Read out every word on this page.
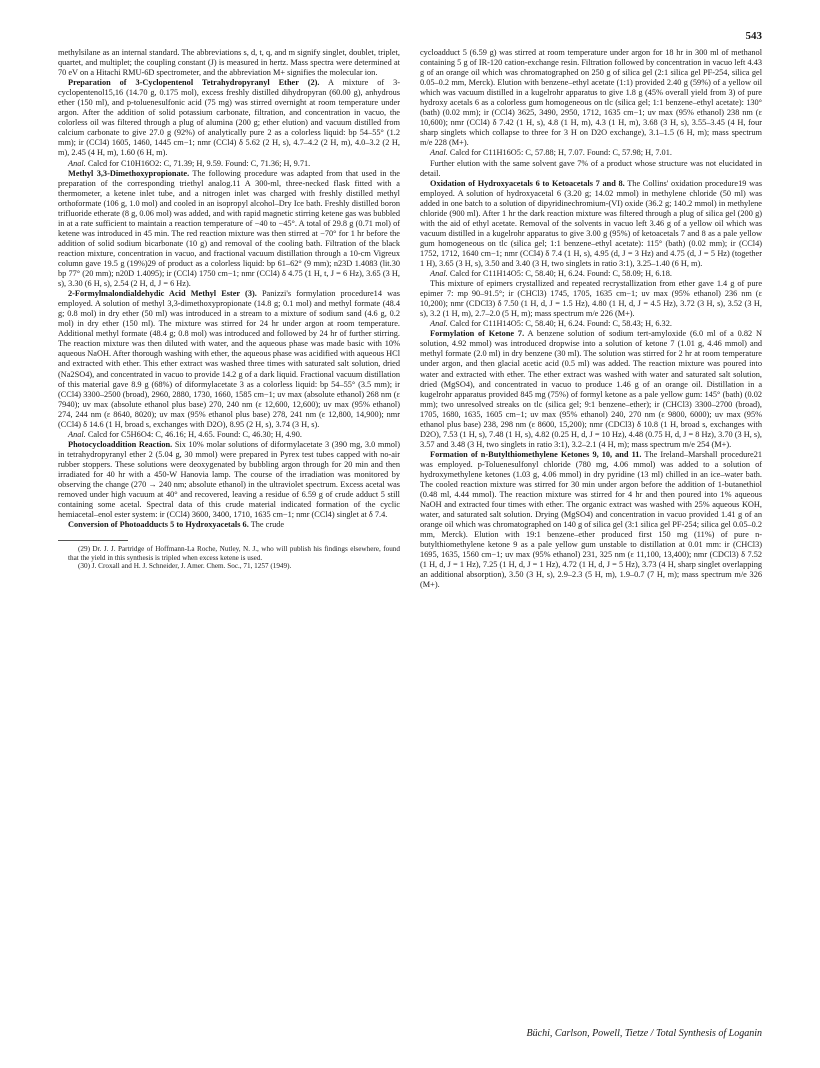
543

methylsilane as an internal standard. The abbreviations s, d, t, q, and m signify singlet, doublet, triplet, quartet, and multiplet; the coupling constant (J) is measured in hertz. Mass spectra were determined at 70 eV on a Hitachi RMU-6D spectrometer, and the abbreviation M+ signifies the molecular ion.

Preparation of 3-Cyclopentenol Tetrahydropyranyl Ether (2). A mixture of 3-cyclopentenol15,16 (14.70 g, 0.175 mol), excess freshly distilled dihydropyran (60.00 g), anhydrous ether (150 ml), and p-toluenesulfonic acid (75 mg) was stirred overnight at room temperature under argon. After the addition of solid potassium carbonate, filtration, and concentration in vacuo, the colorless oil was filtered through a plug of alumina (200 g; ether elution) and vacuum distilled from calcium carbonate to give 27.0 g (92%) of analytically pure 2 as a colorless liquid: bp 54–55° (1.2 mm); ir (CCl4) 1605, 1460, 1445 cm−1; nmr (CCl4) δ 5.62 (2 H, s), 4.7–4.2 (2 H, m), 4.0–3.2 (2 H, m), 2.45 (4 H, m), 1.60 (6 H, m).

Anal. Calcd for C10H16O2: C, 71.39; H, 9.59. Found: C, 71.36; H, 9.71.

Methyl 3,3-Dimethoxypropionate. The following procedure was adapted from that used in the preparation of the corresponding triethyl analog.11 A 300-ml, three-necked flask fitted with a thermometer, a ketene inlet tube, and a nitrogen inlet was charged with freshly distilled methyl orthoformate (106 g, 1.0 mol) and cooled in an isopropyl alcohol–Dry Ice bath. Freshly distilled boron trifluoride etherate (8 g, 0.06 mol) was added, and with rapid magnetic stirring ketene gas was bubbled in at a rate sufficient to maintain a reaction temperature of −40 to −45°. A total of 29.8 g (0.71 mol) of ketene was introduced in 45 min. The red reaction mixture was then stirred at −70° for 1 hr before the addition of solid sodium bicarbonate (10 g) and removal of the cooling bath. Filtration of the black reaction mixture, concentration in vacuo, and fractional vacuum distillation through a 10-cm Vigreux column gave 19.5 g (19%)29 of product as a colorless liquid: bp 61–62° (9 mm); n23D 1.4083 (lit.30 bp 77° (20 mm); n20D 1.4095); ir (CCl4) 1750 cm−1; nmr (CCl4) δ 4.75 (1 H, t, J = 6 Hz), 3.65 (3 H, s), 3.30 (6 H, s), 2.54 (2 H, d, J = 6 Hz).

2-Formylmalondialdehydic Acid Methyl Ester (3). Panizzi's formylation procedure14 was employed. A solution of methyl 3,3-dimethoxypropionate (14.8 g; 0.1 mol) and methyl formate (48.4 g; 0.8 mol) in dry ether (50 ml) was introduced in a stream to a mixture of sodium sand (4.6 g, 0.2 mol) in dry ether (150 ml). The mixture was stirred for 24 hr under argon at room temperature. Additional methyl formate (48.4 g; 0.8 mol) was introduced and followed by 24 hr of further stirring. The reaction mixture was then diluted with water, and the aqueous phase was made basic with 10% aqueous NaOH. After thorough washing with ether, the aqueous phase was acidified with aqueous HCl and extracted with ether. This ether extract was washed three times with saturated salt solution, dried (Na2SO4), and concentrated in vacuo to provide 14.2 g of a dark liquid. Fractional vacuum distillation of this material gave 8.9 g (68%) of diformylacetate 3 as a colorless liquid: bp 54–55° (3.5 mm); ir (CCl4) 3300–2500 (broad), 2960, 2880, 1730, 1660, 1585 cm−1; uv max (absolute ethanol) 268 nm (ε 7940); uv max (absolute ethanol plus base) 270, 240 nm (ε 12,600, 12,600); uv max (95% ethanol) 274, 244 nm (ε 8640, 8020); uv max (95% ethanol plus base) 278, 241 nm (ε 12,800, 14,900); nmr (CCl4) δ 14.6 (1 H, broad s, exchanges with D2O), 8.95 (2 H, s), 3.74 (3 H, s).

Anal. Calcd for C5H6O4: C, 46.16; H, 4.65. Found: C, 46.30; H, 4.90.

Photocycloaddition Reaction. Six 10% molar solutions of diformylacetate 3 (390 mg, 3.0 mmol) in tetrahydropyranyl ether 2 (5.04 g, 30 mmol) were prepared in Pyrex test tubes capped with no-air rubber stoppers. These solutions were deoxygenated by bubbling argon through for 20 min and then irradiated for 40 hr with a 450-W Hanovia lamp. The course of the irradiation was monitored by observing the change (270 → 240 nm; absolute ethanol) in the ultraviolet spectrum. Excess acetal was removed under high vacuum at 40° and recovered, leaving a residue of 6.59 g of crude adduct 5 still containing some acetal. Spectral data of this crude material indicated formation of the cyclic hemiacetal–enol ester system: ir (CCl4) 3600, 3400, 1710, 1635 cm−1; nmr (CCl4) singlet at δ 7.4.

Conversion of Photoadducts 5 to Hydroxyacetals 6. The crude

(29) Dr. J. J. Partridge of Hoffmann-La Roche, Nutley, N. J., who will publish his findings elsewhere, found that the yield in this synthesis is tripled when excess ketene is used.

(30) J. Croxall and H. J. Schneider, J. Amer. Chem. Soc., 71, 1257 (1949).

cycloadduct 5 (6.59 g) was stirred at room temperature under argon for 18 hr in 300 ml of methanol containing 5 g of IR-120 cation-exchange resin. Filtration followed by concentration in vacuo left 4.43 g of an orange oil which was chromatographed on 250 g of silica gel (2:1 silica gel PF-254, silica gel 0.05–0.2 mm, Merck). Elution with benzene–ethyl acetate (1:1) provided 2.40 g (59%) of a yellow oil which was vacuum distilled in a kugelrohr apparatus to give 1.8 g (45% overall yield from 3) of pure hydroxy acetals 6 as a colorless gum homogeneous on tlc (silica gel; 1:1 benzene–ethyl acetate): 130° (bath) (0.02 mm); ir (CCl4) 3625, 3490, 2950, 1712, 1635 cm−1; uv max (95% ethanol) 238 nm (ε 10,600); nmr (CCl4) δ 7.42 (1 H, s), 4.8 (1 H, m), 4.3 (1 H, m), 3.68 (3 H, s), 3.55–3.45 (4 H, four sharp singlets which collapse to three for 3 H on D2O exchange), 3.1–1.5 (6 H, m); mass spectrum m/e 228 (M+).

Anal. Calcd for C11H16O5: C, 57.88; H, 7.07. Found: C, 57.98; H, 7.01.

Further elution with the same solvent gave 7% of a product whose structure was not elucidated in detail.

Oxidation of Hydroxyacetals 6 to Ketoacetals 7 and 8. The Collins' oxidation procedure19 was employed. A solution of hydroxyacetal 6 (3.20 g; 14.02 mmol) in methylene chloride (50 ml) was added in one batch to a solution of dipyridinechromium-(VI) oxide (36.2 g; 140.2 mmol) in methylene chloride (900 ml). After 1 hr the dark reaction mixture was filtered through a plug of silica gel (200 g) with the aid of ethyl acetate. Removal of the solvents in vacuo left 3.46 g of a yellow oil which was vacuum distilled in a kugelrohr apparatus to give 3.00 g (95%) of ketoacetals 7 and 8 as a pale yellow gum homogeneous on tlc (silica gel; 1:1 benzene–ethyl acetate): 115° (bath) (0.02 mm); ir (CCl4) 1752, 1712, 1640 cm−1; nmr (CCl4) δ 7.4 (1 H, s), 4.95 (d, J = 3 Hz) and 4.75 (d, J = 5 Hz) (together 1 H), 3.65 (3 H, s), 3.50 and 3.40 (3 H, two singlets in ratio 3:1), 3.25–1.40 (6 H, m).

Anal. Calcd for C11H14O5: C, 58.40; H, 6.24. Found: C, 58.09; H, 6.18.

This mixture of epimers crystallized and repeated recrystallization from ether gave 1.4 g of pure epimer 7: mp 90–91.5°; ir (CHCl3) 1745, 1705, 1635 cm−1; uv max (95% ethanol) 236 nm (ε 10,200); nmr (CDCl3) δ 7.50 (1 H, d, J = 1.5 Hz), 4.80 (1 H, d, J = 4.5 Hz), 3.72 (3 H, s), 3.52 (3 H, s), 3.2 (1 H, m), 2.7–2.0 (5 H, m); mass spectrum m/e 226 (M+).

Anal. Calcd for C11H14O5: C, 58.40; H, 6.24. Found: C, 58.43; H, 6.32.

Formylation of Ketone 7. A benzene solution of sodium tert-amyloxide (6.0 ml of a 0.82 N solution, 4.92 mmol) was introduced dropwise into a solution of ketone 7 (1.01 g, 4.46 mmol) and methyl formate (2.0 ml) in dry benzene (30 ml). The solution was stirred for 2 hr at room temperature under argon, and then glacial acetic acid (0.5 ml) was added. The reaction mixture was poured into water and extracted with ether. The ether extract was washed with water and saturated salt solution, dried (MgSO4), and concentrated in vacuo to produce 1.46 g of an orange oil. Distillation in a kugelrohr apparatus provided 845 mg (75%) of formyl ketone as a pale yellow gum: 145° (bath) (0.02 mm); two unresolved streaks on tlc (silica gel; 9:1 benzene–ether); ir (CHCl3) 3300–2700 (broad), 1705, 1680, 1635, 1605 cm−1; uv max (95% ethanol) 240, 270 nm (ε 9800, 6000); uv max (95% ethanol plus base) 238, 298 nm (ε 8600, 15,200); nmr (CDCl3) δ 10.8 (1 H, broad s, exchanges with D2O), 7.53 (1 H, s), 7.48 (1 H, s), 4.82 (0.25 H, d, J = 10 Hz), 4.48 (0.75 H, d, J = 8 Hz), 3.70 (3 H, s), 3.57 and 3.48 (3 H, two singlets in ratio 3:1), 3.2–2.1 (4 H, m); mass spectrum m/e 254 (M+).

Formation of n-Butylthiomethylene Ketones 9, 10, and 11. The Ireland–Marshall procedure21 was employed. p-Toluenesulfonyl chloride (780 mg, 4.06 mmol) was added to a solution of hydroxymethylene ketones (1.03 g, 4.06 mmol) in dry pyridine (13 ml) chilled in an ice–water bath. The cooled reaction mixture was stirred for 30 min under argon before the addition of 1-butanethiol (0.48 ml, 4.44 mmol). The reaction mixture was stirred for 4 hr and then poured into 1% aqueous NaOH and extracted four times with ether. The organic extract was washed with 25% aqueous KOH, water, and saturated salt solution. Drying (MgSO4) and concentration in vacuo provided 1.41 g of an orange oil which was chromatographed on 140 g of silica gel (3:1 silica gel PF-254; silica gel 0.05–0.2 mm, Merck). Elution with 19:1 benzene–ether produced first 150 mg (11%) of pure n-butylthiomethylene ketone 9 as a pale yellow gum unstable to distillation at 0.01 mm: ir (CHCl3) 1695, 1635, 1560 cm−1; uv max (95% ethanol) 231, 325 nm (ε 11,100, 13,400); nmr (CDCl3) δ 7.52 (1 H, d, J = 1 Hz), 7.25 (1 H, d, J = 1 Hz), 4.72 (1 H, d, J = 5 Hz), 3.73 (4 H, sharp singlet overlapping an additional absorption), 3.50 (3 H, s), 2.9–2.3 (5 H, m), 1.9–0.7 (7 H, m); mass spectrum m/e 326 (M+).

Büchi, Carlson, Powell, Tietze / Total Synthesis of Loganin
